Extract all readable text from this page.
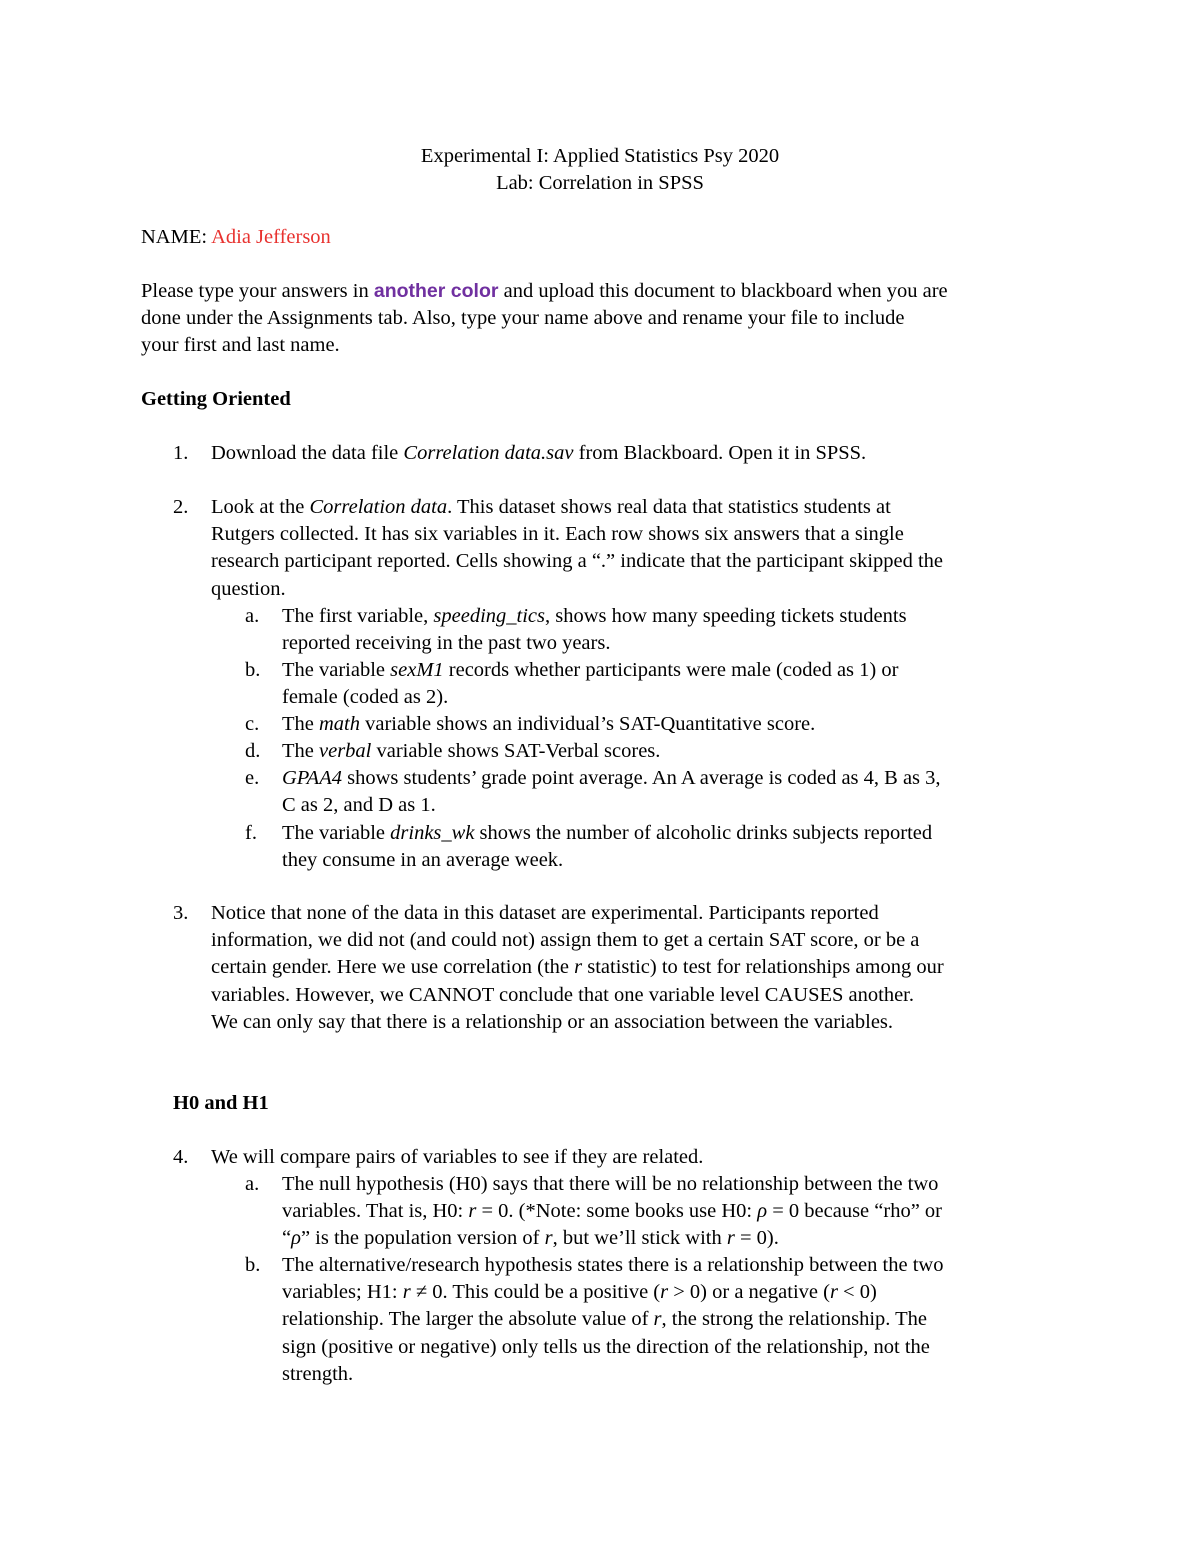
Experimental I: Applied Statistics Psy 2020
Lab: Correlation in SPSS
NAME: Adia Jefferson
Please type your answers in another color and upload this document to blackboard when you are
done under the Assignments tab. Also, type your name above and rename your file to include
your first and last name.
Getting Oriented
1. Download the data file Correlation data.sav from Blackboard. Open it in SPSS.
2. Look at the Correlation data. This dataset shows real data that statistics students at
Rutgers collected. It has six variables in it. Each row shows six answers that a single
research participant reported. Cells showing a “.” indicate that the participant skipped the
question.
a. The first variable, speeding_tics, shows how many speeding tickets students
reported receiving in the past two years.
b. The variable sexM1 records whether participants were male (coded as 1) or
female (coded as 2).
c. The math variable shows an individual’s SAT-Quantitative score.
d. The verbal variable shows SAT-Verbal scores.
e. GPAA4 shows students’ grade point average. An A average is coded as 4, B as 3,
C as 2, and D as 1.
f. The variable drinks_wk shows the number of alcoholic drinks subjects reported
they consume in an average week.
3. Notice that none of the data in this dataset are experimental. Participants reported
information, we did not (and could not) assign them to get a certain SAT score, or be a
certain gender. Here we use correlation (the r statistic) to test for relationships among our
variables. However, we CANNOT conclude that one variable level CAUSES another.
We can only say that there is a relationship or an association between the variables.
H0 and H1
4. We will compare pairs of variables to see if they are related.
a. The null hypothesis (H0) says that there will be no relationship between the two
variables. That is, H0: r = 0. (*Note: some books use H0: ρ = 0 because “rho” or
“ρ” is the population version of r, but we’ll stick with r = 0).
b. The alternative/research hypothesis states there is a relationship between the two
variables; H1: r ≠ 0. This could be a positive (r > 0) or a negative (r < 0)
relationship. The larger the absolute value of r, the strong the relationship. The
sign (positive or negative) only tells us the direction of the relationship, not the
strength.
